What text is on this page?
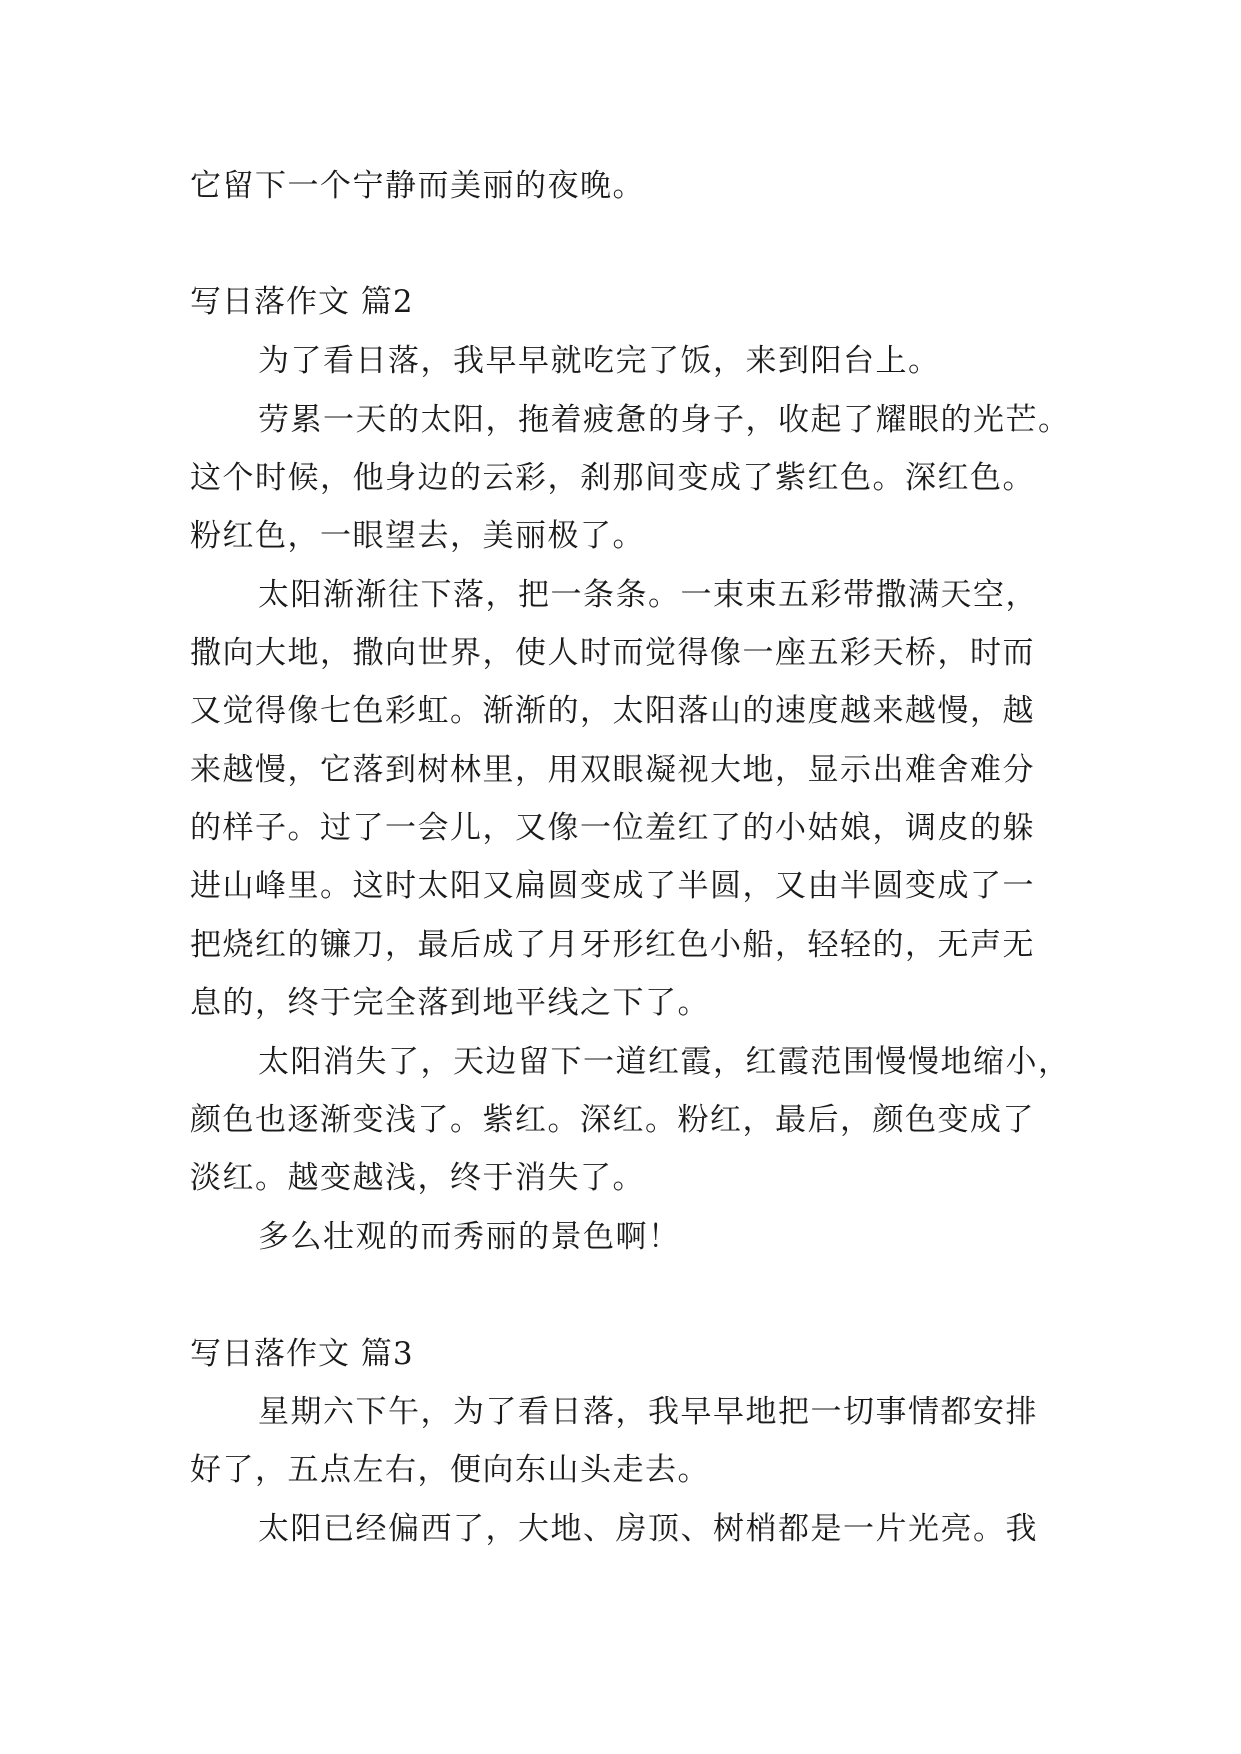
它留下一个宁静而美丽的夜晚。
写日落作文 篇2
为了看日落，我早早就吃完了饭，来到阳台上。
劳累一天的太阳，拖着疲惫的身子，收起了耀眼的光芒。
这个时候，他身边的云彩，刹那间变成了紫红色。深红色。
粉红色，一眼望去，美丽极了。
太阳渐渐往下落，把一条条。一束束五彩带撒满天空，
撒向大地，撒向世界，使人时而觉得像一座五彩天桥，时而
又觉得像七色彩虹。渐渐的，太阳落山的速度越来越慢，越
来越慢，它落到树林里，用双眼凝视大地，显示出难舍难分
的样子。过了一会儿，又像一位羞红了的小姑娘，调皮的躲
进山峰里。这时太阳又扁圆变成了半圆，又由半圆变成了一
把烧红的镰刀，最后成了月牙形红色小船，轻轻的，无声无
息的，终于完全落到地平线之下了。
太阳消失了，天边留下一道红霞，红霞范围慢慢地缩小，
颜色也逐渐变浅了。紫红。深红。粉红，最后，颜色变成了
淡红。越变越浅，终于消失了。
多么壮观的而秀丽的景色啊！
写日落作文 篇3
星期六下午，为了看日落，我早早地把一切事情都安排
好了，五点左右，便向东山头走去。
太阳已经偏西了，大地、房顶、树梢都是一片光亮。我
